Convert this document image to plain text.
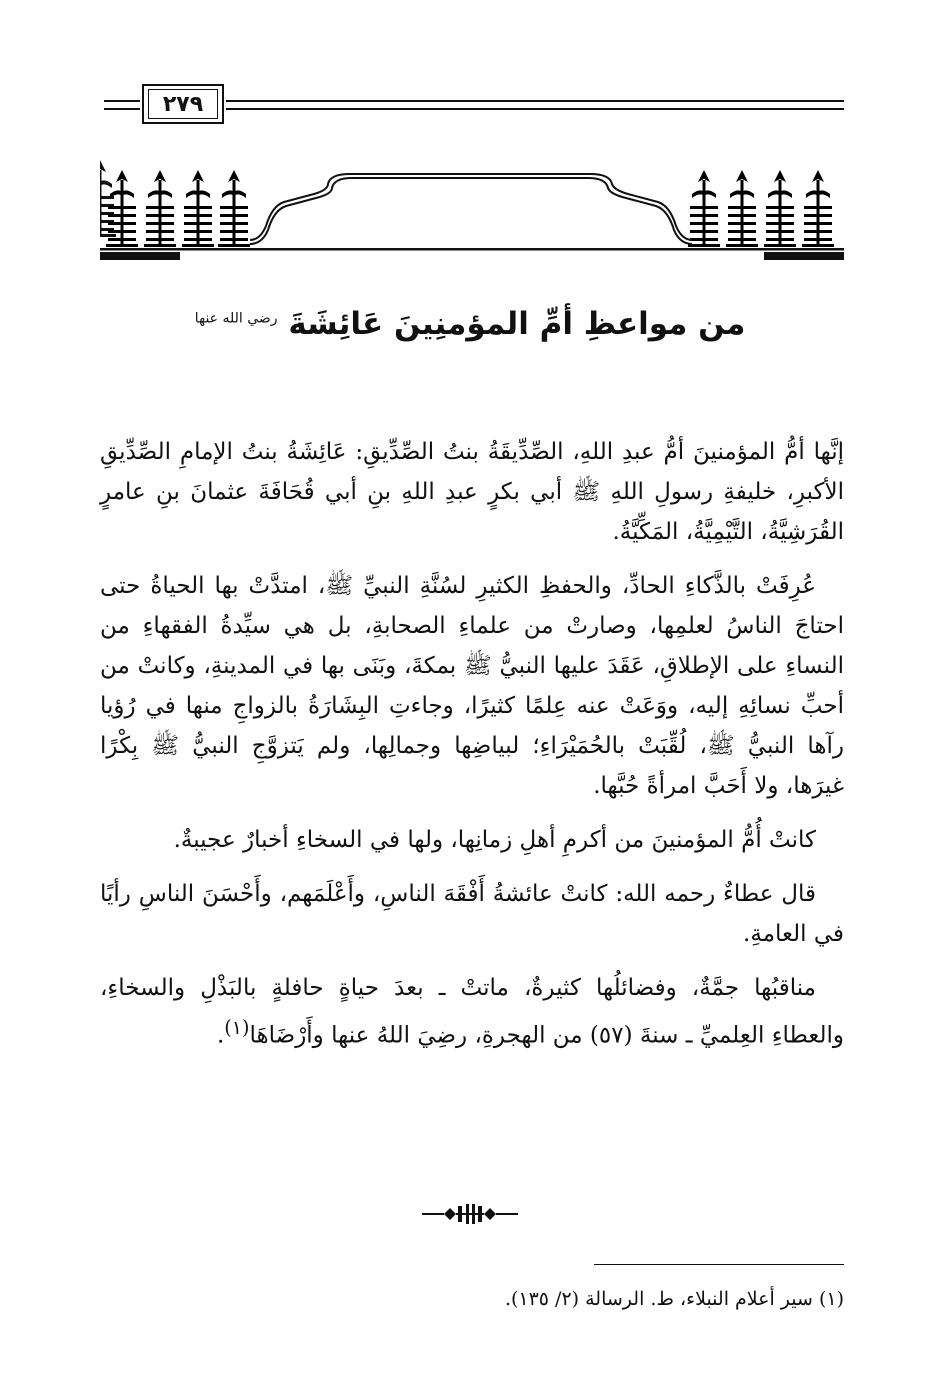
٢٧٩
من مواعظِ أمِّ المؤمنِينَ عَائِشَةَ $^{رضي الله عنها}$

إنَّها أمُّ المؤمنينَ أمُّ عبدِ اللهِ، الصِّدِّيقَةُ بنتُ الصِّدِّيقِ: عَائِشَةُ بنتُ الإمامِ الصِّدِّيقِ الأكبرِ، خليفةِ رسولِ اللهِ ﷺ أبي بكرٍ عبدِ اللهِ بنِ أبي قُحَافَةَ عثمانَ بنِ عامرٍ القُرَشِيَّةُ، التَّيْمِيَّةُ، المَكِّيَّةُ.

عُرِفَتْ بالذَّكاءِ الحادِّ، والحفظِ الكثيرِ لسُنَّةِ النبيِّ ﷺ، امتدَّتْ بها الحياةُ حتى احتاجَ الناسُ لعلمِها، وصارتْ من علماءِ الصحابةِ، بل هي سيِّدةُ الفقهاءِ من النساءِ على الإطلاقِ، عَقَدَ عليها النبيُّ ﷺ بمكةَ، وبَنَى بها في المدينةِ، وكانتْ من أحبِّ نسائِهِ إليه، ووَعَتْ عنه عِلمًا كثيرًا، وجاءتِ البِشَارَةُ بالزواجِ منها في رُؤيا رآها النبيُّ ﷺ، لُقِّبَتْ بالحُمَيْرَاءِ؛ لبياضِها وجمالِها، ولم يَتزوَّجِ النبيُّ ﷺ بِكْرًا غيرَها، ولا أَحَبَّ امرأةً حُبَّها.

كانتْ أُمُّ المؤمنينَ من أكرمِ أهلِ زمانِها، ولها في السخاءِ أخبارٌ عجيبةٌ.

قال عطاءٌ رحمه الله: كانتْ عائشةُ أَفْقَهَ الناسِ، وأَعْلَمَهم، وأَحْسَنَ الناسِ رأيًا في العامةِ.

مناقبُها جمَّةٌ، وفضائلُها كثيرةٌ، ماتتْ ـ بعدَ حياةٍ حافلةٍ بالبَذْلِ والسخاءِ، والعطاءِ العِلميِّ ـ سنةَ (٥٧) من الهجرةِ، رضِيَ اللهُ عنها وأَرْضَاهَا$^{(١)}$.

(١) سير أعلام النبلاء، ط. الرسالة (٢/ ١٣٥).
